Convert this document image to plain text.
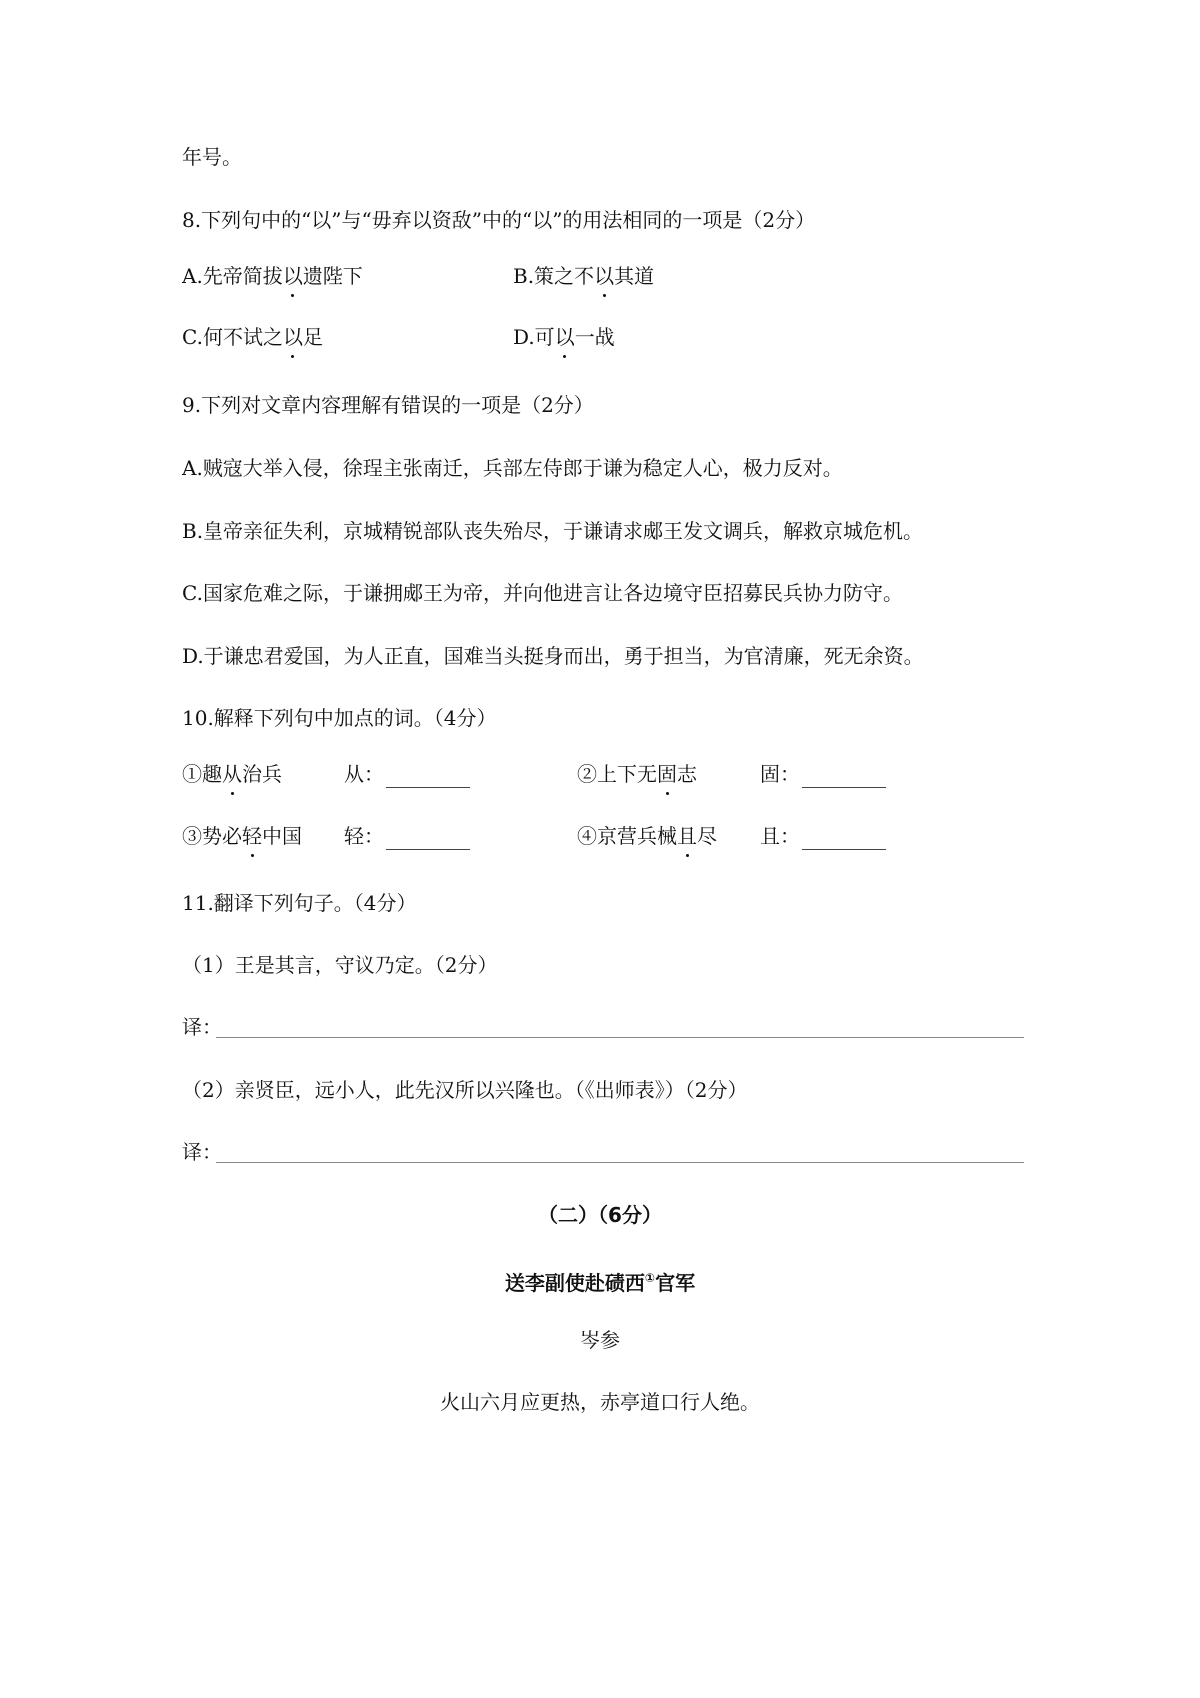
年号。
8.下列句中的“以”与“毋弃以资敌”中的“以”的用法相同的一项是（2分）
A.先帝简拔以遗陛下	B.策之不以其道
C.何不试之以足	D.可以一战
9.下列对文章内容理解有错误的一项是（2分）
A.贼寇大举入侵，徐珵主张南迁，兵部左侍郎于谦为稳定人心，极力反对。
B.皇帝亲征失利，京城精锐部队丧失殆尽，于谦请求郕王发文调兵，解救京城危机。
C.国家危难之际，于谦拥郕王为帝，并向他进言让各边境守臣招募民兵协力防守。
D.于谦忠君爱国，为人正直，国难当头挺身而出，勇于担当，为官清廉，死无余资。
10.解释下列句中加点的词。（4分）
①趣从治兵	从：	②上下无固志	固：
③势必轻中国 轻：	④京营兵械且尽 且：
11.翻译下列句子。（4分）
（1）王是其言，守议乃定。（2分）
译：
（2）亲贤臣，远小人，此先汉所以兴隆也。（《出师表》）（2分）
译：
（二）（6分）
送李副使赴碛西①官军
岑参
火山六月应更热，赤亭道口行人绝。
